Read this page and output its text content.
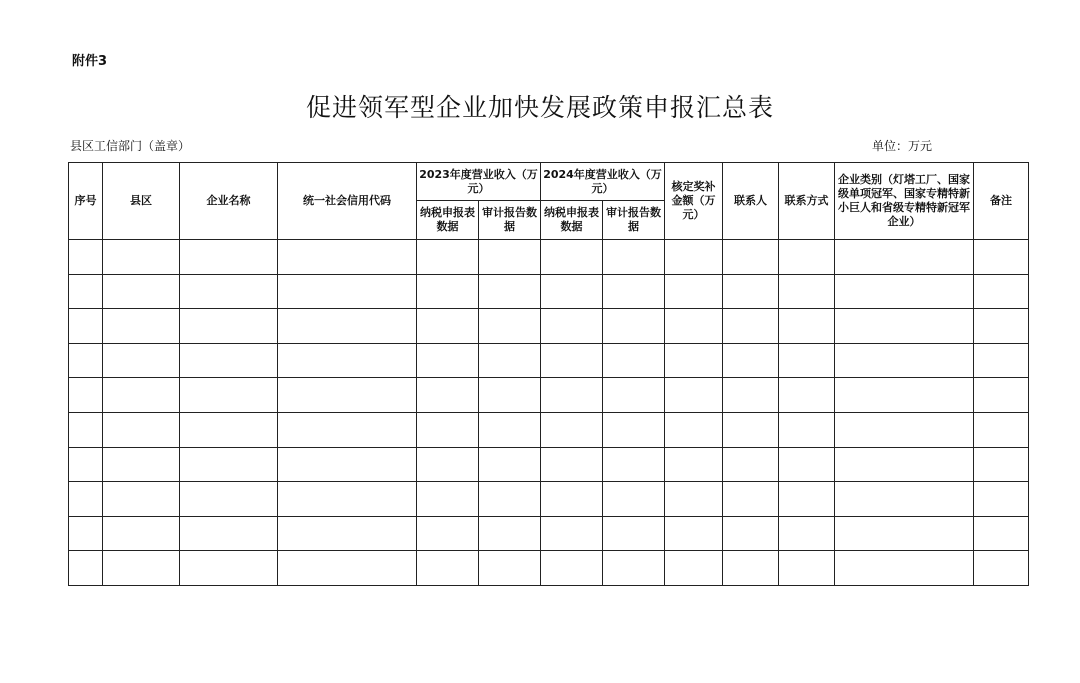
附件3
促进领军型企业加快发展政策申报汇总表
县区工信部门（盖章）	单位：万元
序号	县区	企业名称	统一社会信用代码	2023年度营业收入（万元）		2024年度营业收入（万元）		核定奖补金额（万元）	联系人	联系方式	企业类别（灯塔工厂、国家级单项冠军、国家专精特新小巨人和省级专精特新冠军企业）	备注
				纳税申报表数据	审计报告数据	纳税申报表数据	审计报告数据					
